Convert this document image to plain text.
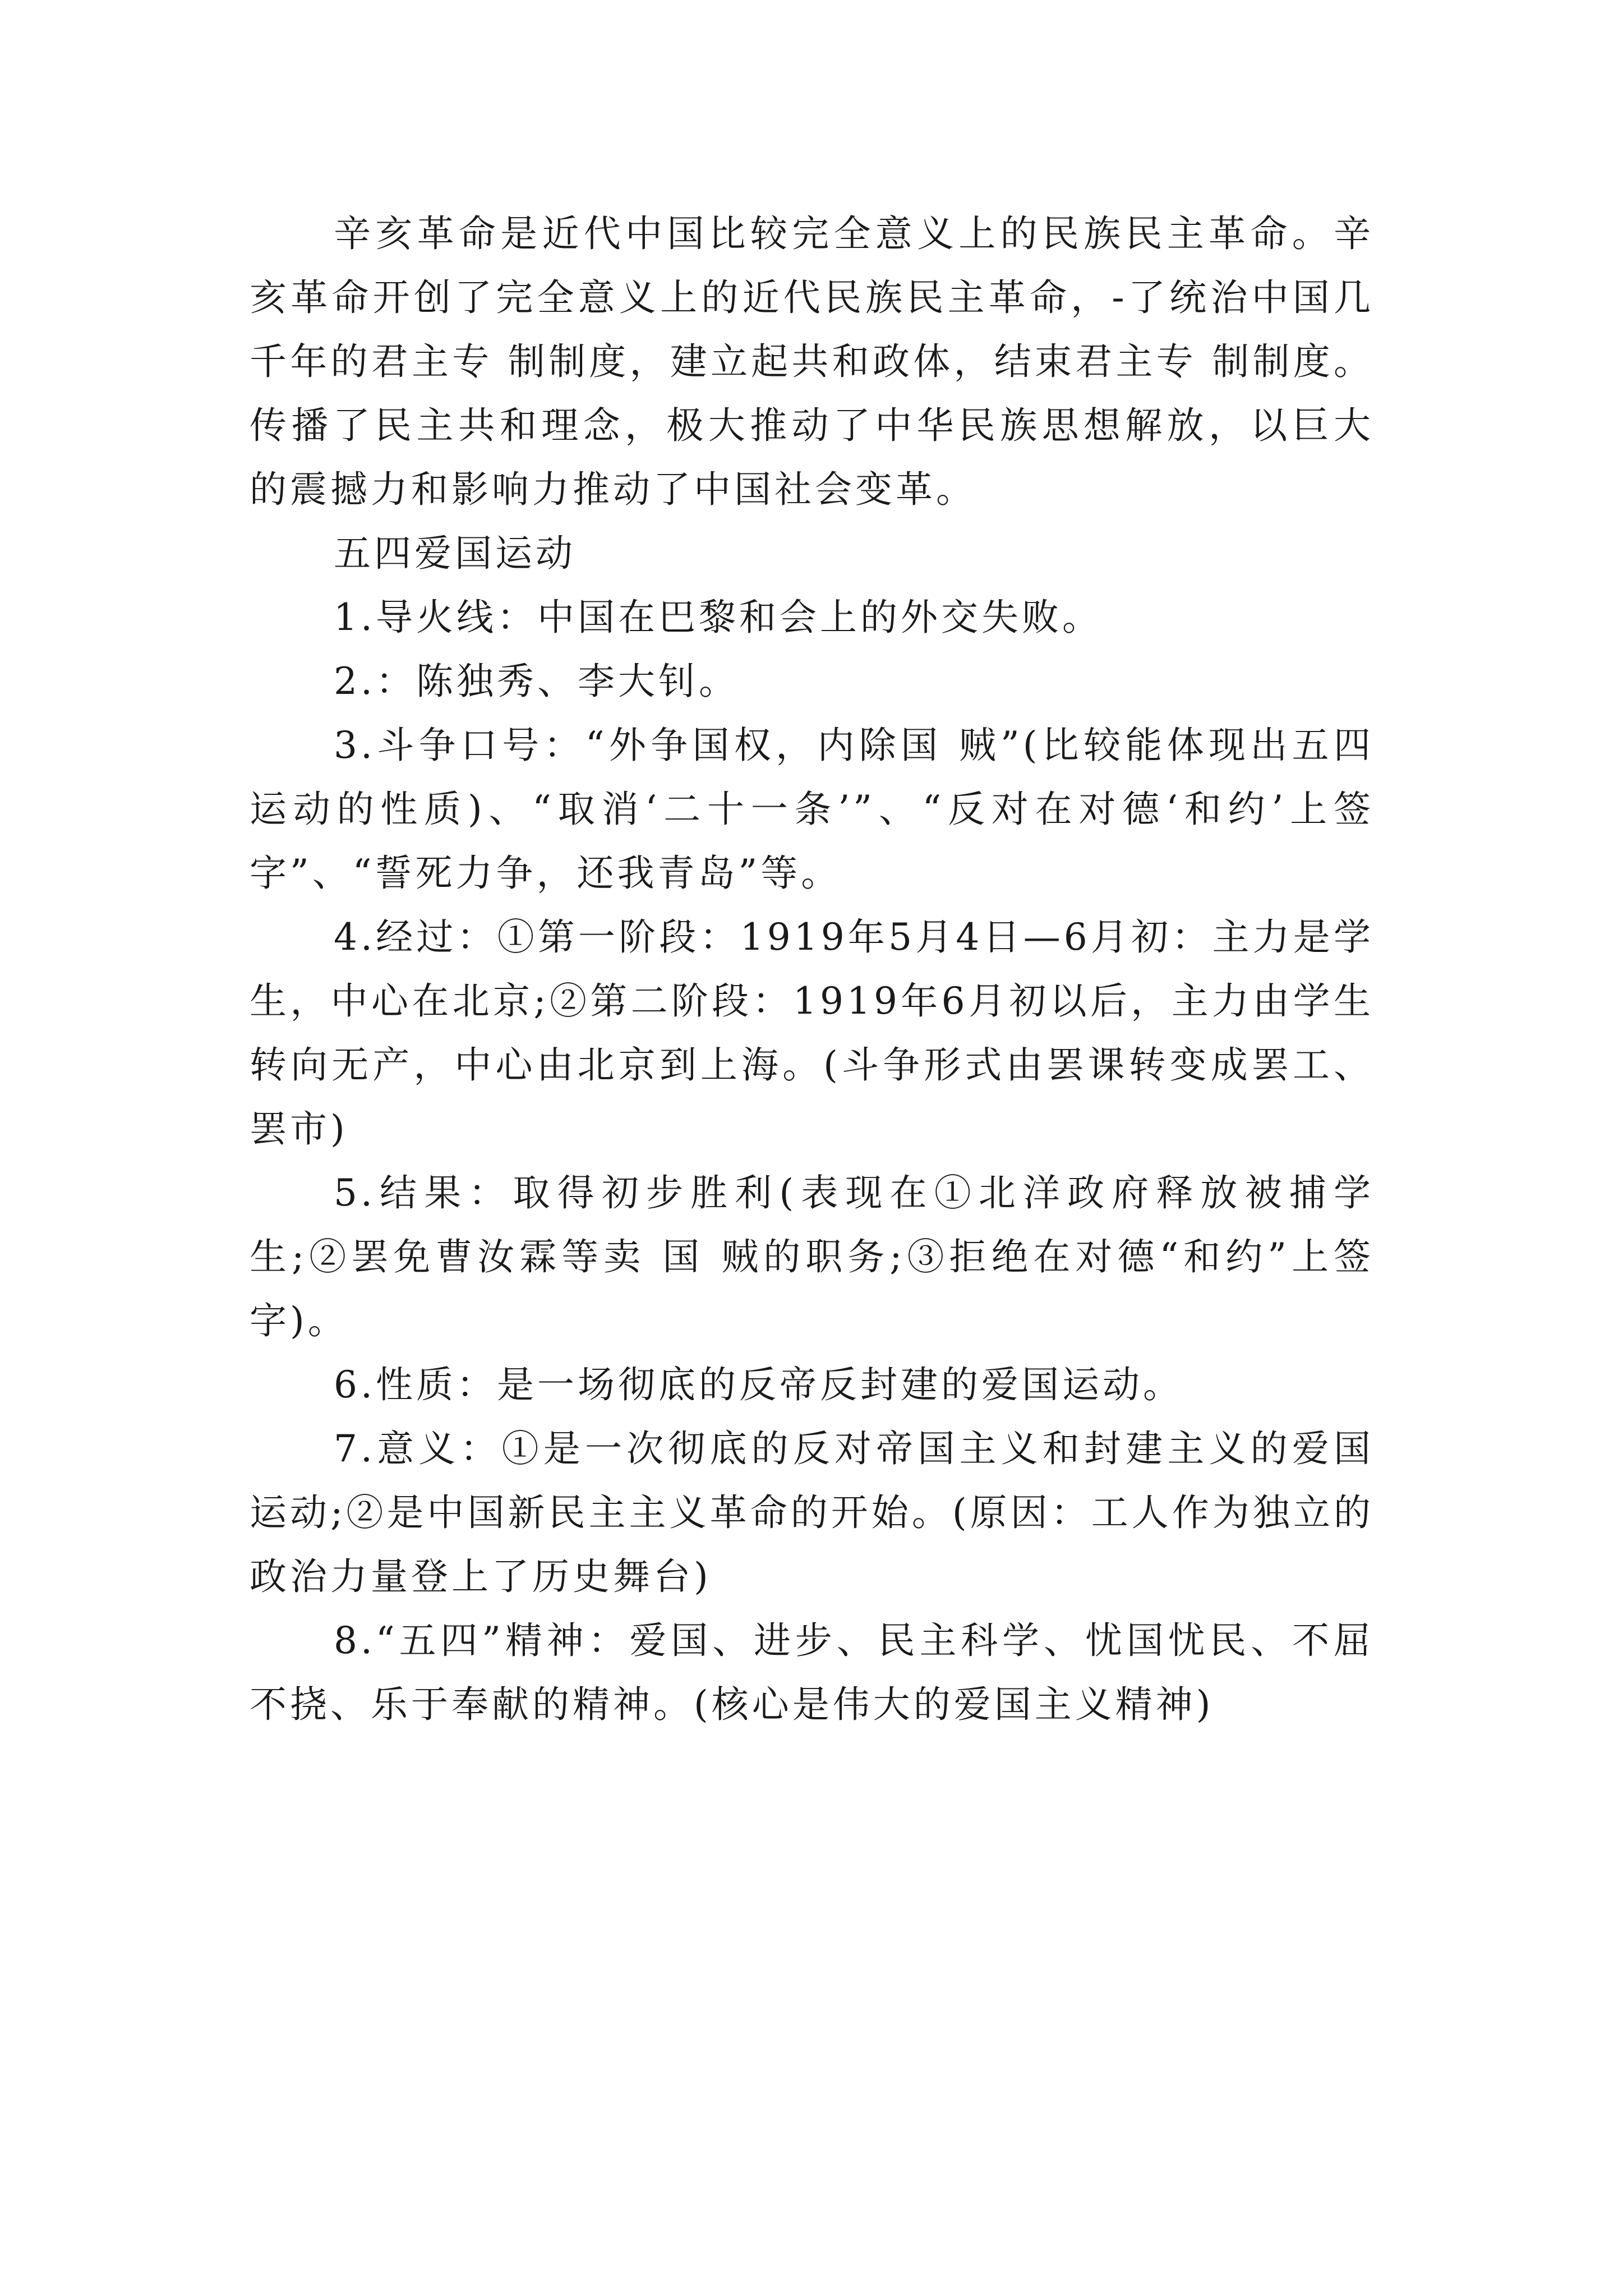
辛亥革命是近代中国比较完全意义上的民族民主革命。辛亥革命开创了完全意义上的近代民族民主革命，-了统治中国几千年的君主专 制制度，建立起共和政体，结束君主专 制制度。传播了民主共和理念，极大推动了中华民族思想解放，以巨大的震撼力和影响力推动了中国社会变革。

五四爱国运动

1.导火线：中国在巴黎和会上的外交失败。

2.：陈独秀、李大钊。

3.斗争口号：“外争国权，内除国 贼”(比较能体现出五四运动的性质)、“取消‘二十一条’”、“反对在对德‘和约’上签字”、“誓死力争，还我青岛”等。

4.经过：①第一阶段：1919年5月4日—6月初：主力是学生，中心在北京;②第二阶段：1919年6月初以后，主力由学生转向无产，中心由北京到上海。(斗争形式由罢课转变成罢工、罢市)

5.结果：取得初步胜利(表现在①北洋政府释放被捕学生;②罢免曹汝霖等卖 国 贼的职务;③拒绝在对德“和约”上签字)。

6.性质：是一场彻底的反帝反封建的爱国运动。

7.意义：①是一次彻底的反对帝国主义和封建主义的爱国运动;②是中国新民主主义革命的开始。(原因：工人作为独立的政治力量登上了历史舞台)

8.“五四”精神：爱国、进步、民主科学、忧国忧民、不屈不挠、乐于奉献的精神。(核心是伟大的爱国主义精神)
